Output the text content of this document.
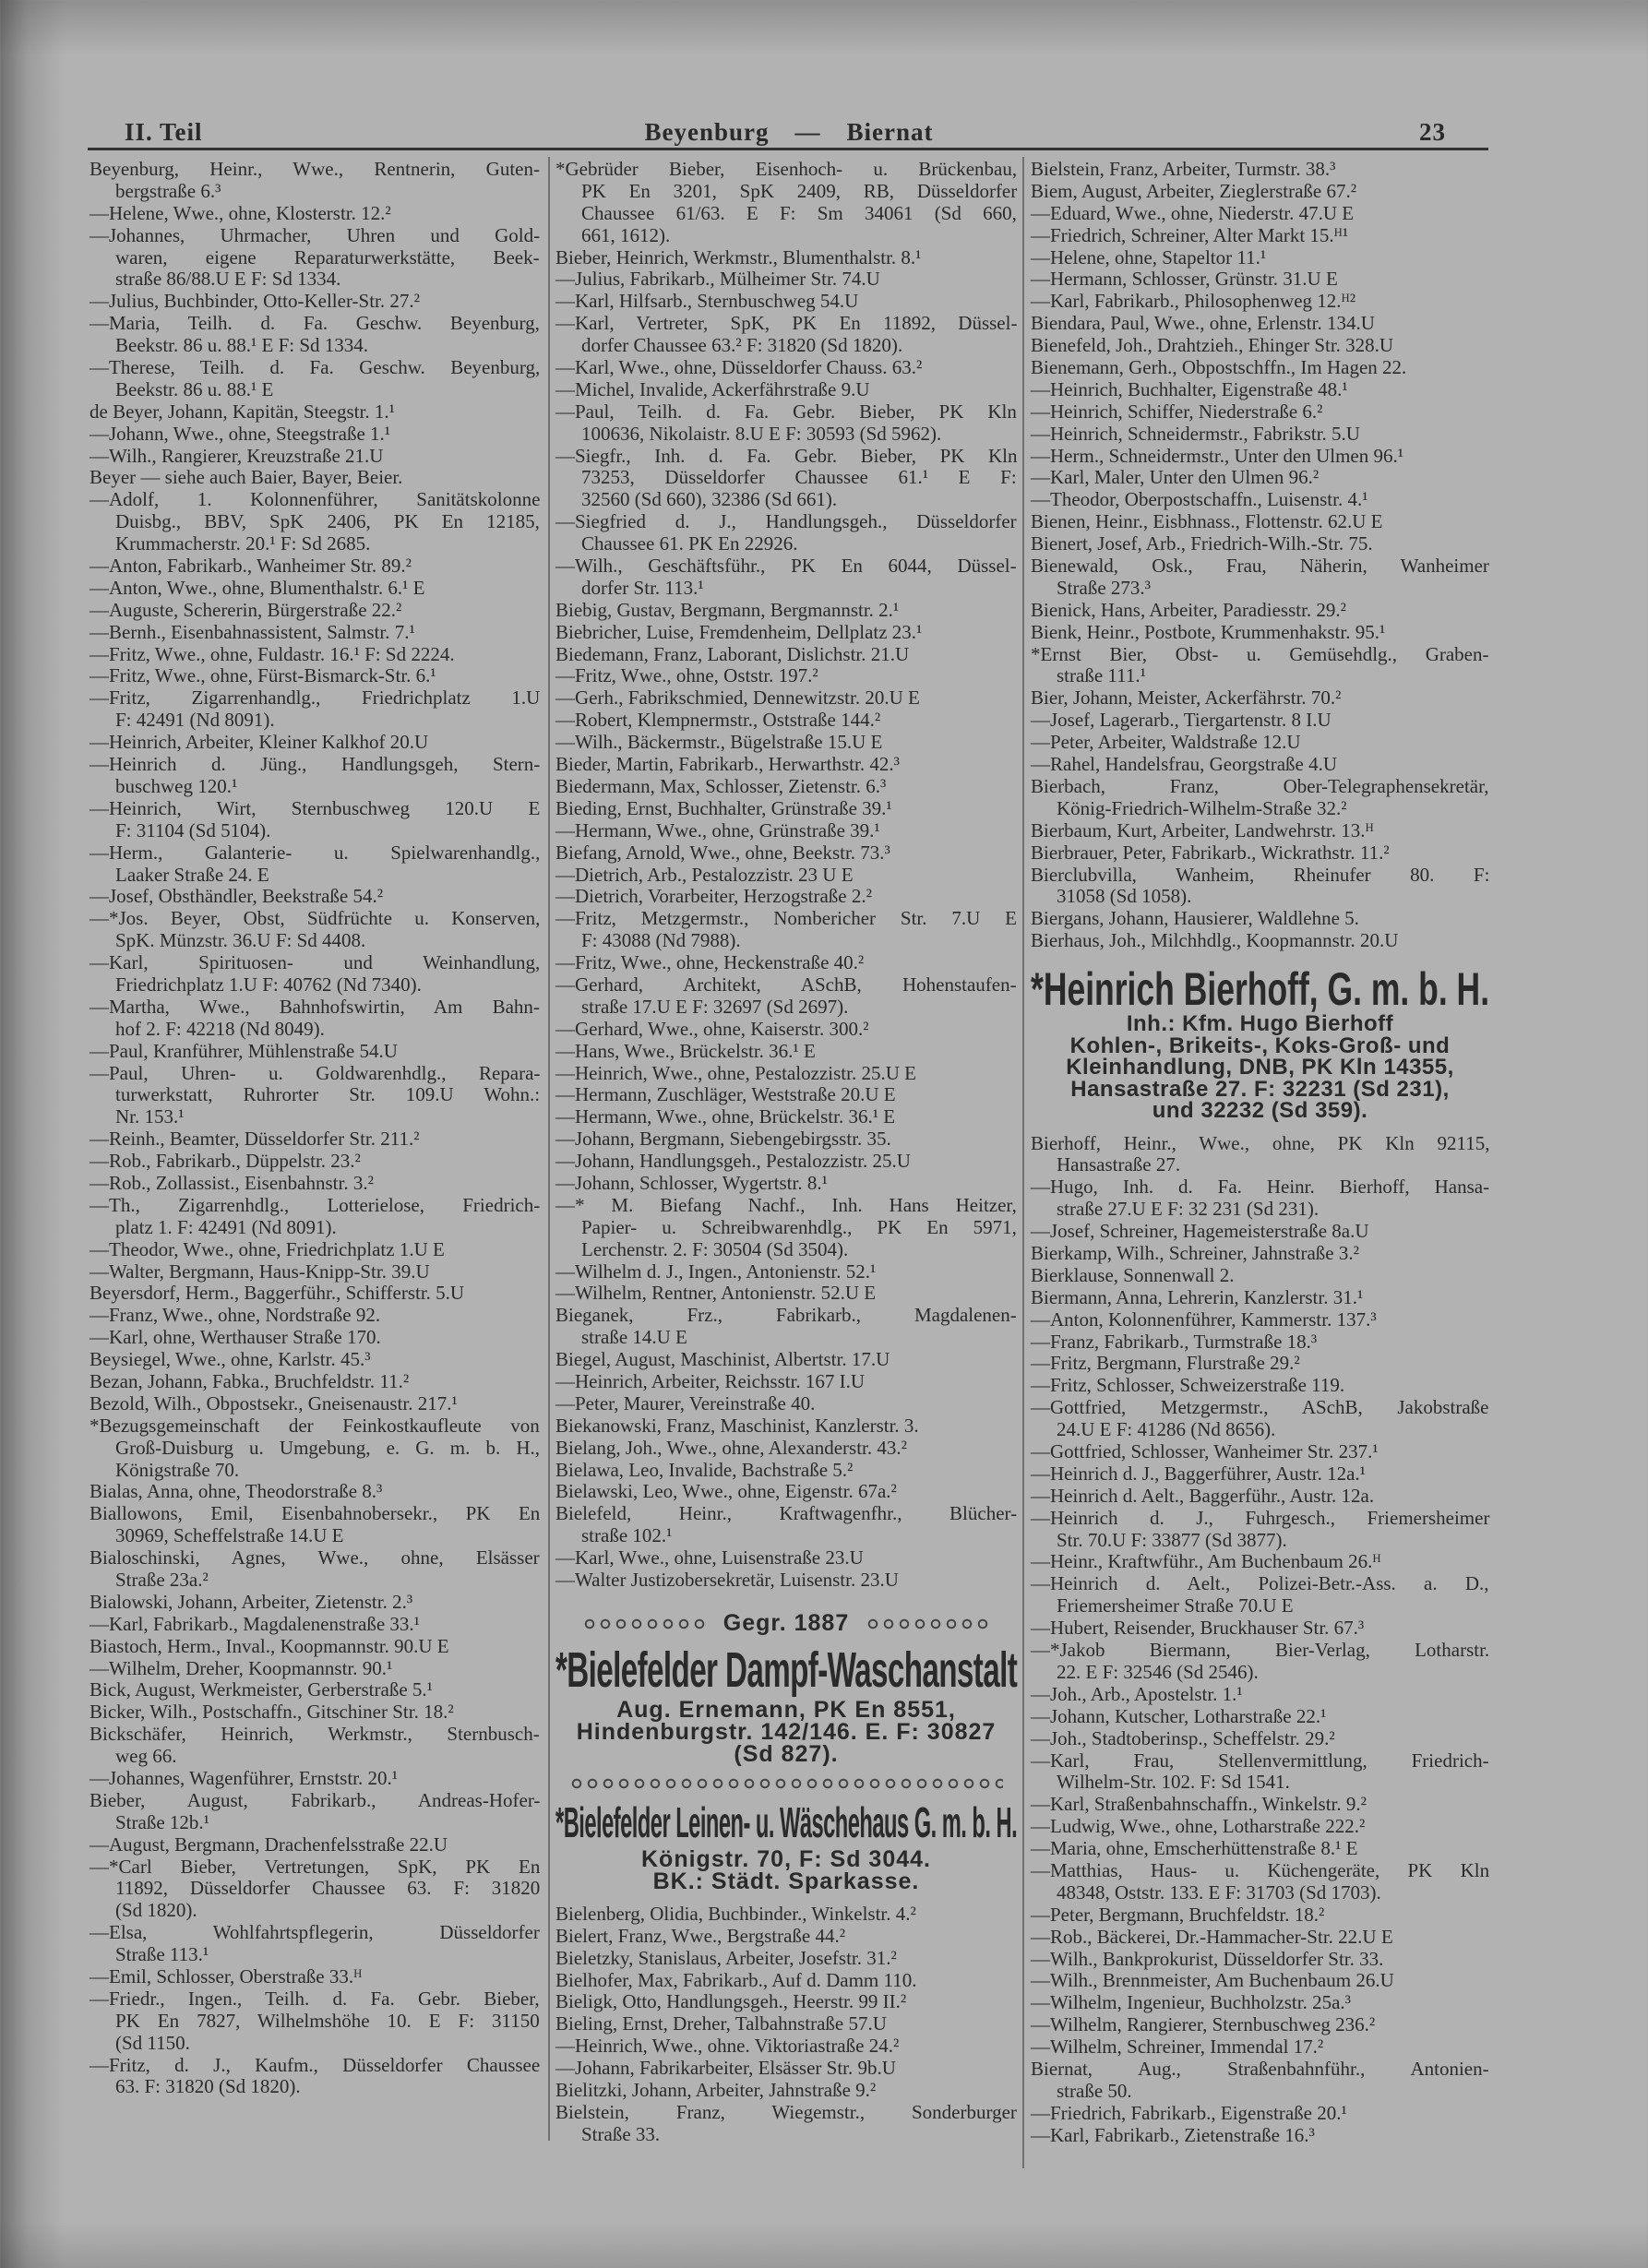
II. Teil	Beyenburg — Biernat	23
Beyenburg, Heinr., Wwe., Rentnerin, Guten-
bergstraße 6.³
—Helene, Wwe., ohne, Klosterstr. 12.²
—Johannes, Uhrmacher, Uhren und Gold-
waren, eigene Reparaturwerkstätte, Beek-
straße 86/88.U E F: Sd 1334.
—Julius, Buchbinder, Otto-Keller-Str. 27.²
—Maria, Teilh. d. Fa. Geschw. Beyenburg,
Beekstr. 86 u. 88.¹ E F: Sd 1334.
—Therese, Teilh. d. Fa. Geschw. Beyenburg,
Beekstr. 86 u. 88.¹ E
de Beyer, Johann, Kapitän, Steegstr. 1.¹
—Johann, Wwe., ohne, Steegstraße 1.¹
—Wilh., Rangierer, Kreuzstraße 21.U
Beyer — siehe auch Baier, Bayer, Beier.
—Adolf, 1. Kolonnenführer, Sanitätskolonne
Duisbg., BBV, SpK 2406, PK En 12185,
Krummacherstr. 20.¹ F: Sd 2685.
—Anton, Fabrikarb., Wanheimer Str. 89.²
—Anton, Wwe., ohne, Blumenthalstr. 6.¹ E
—Auguste, Schererin, Bürgerstraße 22.²
—Bernh., Eisenbahnassistent, Salmstr. 7.¹
—Fritz, Wwe., ohne, Fuldastr. 16.¹ F: Sd 2224.
—Fritz, Wwe., ohne, Fürst-Bismarck-Str. 6.¹
—Fritz, Zigarrenhandlg., Friedrichplatz 1.U
F: 42491 (Nd 8091).
—Heinrich, Arbeiter, Kleiner Kalkhof 20.U
—Heinrich d. Jüng., Handlungsgeh, Stern-
buschweg 120.¹
—Heinrich, Wirt, Sternbuschweg 120.U E
F: 31104 (Sd 5104).
—Herm., Galanterie- u. Spielwarenhandlg.,
Laaker Straße 24. E
—Josef, Obsthändler, Beekstraße 54.²
—*Jos. Beyer, Obst, Südfrüchte u. Konserven,
SpK. Münzstr. 36.U F: Sd 4408.
—Karl, Spirituosen- und Weinhandlung,
Friedrichplatz 1.U F: 40762 (Nd 7340).
—Martha, Wwe., Bahnhofswirtin, Am Bahn-
hof 2. F: 42218 (Nd 8049).
—Paul, Kranführer, Mühlenstraße 54.U
—Paul, Uhren- u. Goldwarenhdlg., Repara-
turwerkstatt, Ruhrorter Str. 109.U Wohn.:
Nr. 153.¹
—Reinh., Beamter, Düsseldorfer Str. 211.²
—Rob., Fabrikarb., Düppelstr. 23.²
—Rob., Zollassist., Eisenbahnstr. 3.²
—Th., Zigarrenhdlg., Lotterielose, Friedrich-
platz 1. F: 42491 (Nd 8091).
—Theodor, Wwe., ohne, Friedrichplatz 1.U E
—Walter, Bergmann, Haus-Knipp-Str. 39.U
Beyersdorf, Herm., Baggerführ., Schifferstr. 5.U
—Franz, Wwe., ohne, Nordstraße 92.
—Karl, ohne, Werthauser Straße 170.
Beysiegel, Wwe., ohne, Karlstr. 45.³
Bezan, Johann, Fabka., Bruchfeldstr. 11.²
Bezold, Wilh., Obpostsekr., Gneisenaustr. 217.¹
*Bezugsgemeinschaft der Feinkostkaufleute von
Groß-Duisburg u. Umgebung, e. G. m. b. H.,
Königstraße 70.
Bialas, Anna, ohne, Theodorstraße 8.³
Biallowons, Emil, Eisenbahnobersekr., PK En
30969, Scheffelstraße 14.U E
Bialoschinski, Agnes, Wwe., ohne, Elsässer
Straße 23a.²
Bialowski, Johann, Arbeiter, Zietenstr. 2.³
—Karl, Fabrikarb., Magdalenenstraße 33.¹
Biastoch, Herm., Inval., Koopmannstr. 90.U E
—Wilhelm, Dreher, Koopmannstr. 90.¹
Bick, August, Werkmeister, Gerberstraße 5.¹
Bicker, Wilh., Postschaffn., Gitschiner Str. 18.²
Bickschäfer, Heinrich, Werkmstr., Sternbusch-
weg 66.
—Johannes, Wagenführer, Ernststr. 20.¹
Bieber, August, Fabrikarb., Andreas-Hofer-
Straße 12b.¹
—August, Bergmann, Drachenfelsstraße 22.U
—*Carl Bieber, Vertretungen, SpK, PK En
11892, Düsseldorfer Chaussee 63. F: 31820
(Sd 1820).
—Elsa, Wohlfahrtspflegerin, Düsseldorfer
Straße 113.¹
—Emil, Schlosser, Oberstraße 33.ᴴ
—Friedr., Ingen., Teilh. d. Fa. Gebr. Bieber,
PK En 7827, Wilhelmshöhe 10. E F: 31150
(Sd 1150.
—Fritz, d. J., Kaufm., Düsseldorfer Chaussee
63. F: 31820 (Sd 1820).
*Gebrüder Bieber, Eisenhoch- u. Brückenbau,
PK En 3201, SpK 2409, RB, Düsseldorfer
Chaussee 61/63. E F: Sm 34061 (Sd 660,
661, 1612).
Bieber, Heinrich, Werkmstr., Blumenthalstr. 8.¹
—Julius, Fabrikarb., Mülheimer Str. 74.U
—Karl, Hilfsarb., Sternbuschweg 54.U
—Karl, Vertreter, SpK, PK En 11892, Düssel-
dorfer Chaussee 63.² F: 31820 (Sd 1820).
—Karl, Wwe., ohne, Düsseldorfer Chauss. 63.²
—Michel, Invalide, Ackerfährstraße 9.U
—Paul, Teilh. d. Fa. Gebr. Bieber, PK Kln
100636, Nikolaistr. 8.U E F: 30593 (Sd 5962).
—Siegfr., Inh. d. Fa. Gebr. Bieber, PK Kln
73253, Düsseldorfer Chaussee 61.¹ E F:
32560 (Sd 660), 32386 (Sd 661).
—Siegfried d. J., Handlungsgeh., Düsseldorfer
Chaussee 61. PK En 22926.
—Wilh., Geschäftsführ., PK En 6044, Düssel-
dorfer Str. 113.¹
Biebig, Gustav, Bergmann, Bergmannstr. 2.¹
Biebricher, Luise, Fremdenheim, Dellplatz 23.¹
Biedemann, Franz, Laborant, Dislichstr. 21.U
—Fritz, Wwe., ohne, Oststr. 197.²
—Gerh., Fabrikschmied, Dennewitzstr. 20.U E
—Robert, Klempnermstr., Oststraße 144.²
—Wilh., Bäckermstr., Bügelstraße 15.U E
Bieder, Martin, Fabrikarb., Herwarthstr. 42.³
Biedermann, Max, Schlosser, Zietenstr. 6.³
Bieding, Ernst, Buchhalter, Grünstraße 39.¹
—Hermann, Wwe., ohne, Grünstraße 39.¹
Biefang, Arnold, Wwe., ohne, Beekstr. 73.³
—Dietrich, Arb., Pestalozzistr. 23 U E
—Dietrich, Vorarbeiter, Herzogstraße 2.²
—Fritz, Metzgermstr., Nombericher Str. 7.U E
F: 43088 (Nd 7988).
—Fritz, Wwe., ohne, Heckenstraße 40.²
—Gerhard, Architekt, ASchB, Hohenstaufen-
straße 17.U E F: 32697 (Sd 2697).
—Gerhard, Wwe., ohne, Kaiserstr. 300.²
—Hans, Wwe., Brückelstr. 36.¹ E
—Heinrich, Wwe., ohne, Pestalozzistr. 25.U E
—Hermann, Zuschläger, Weststraße 20.U E
—Hermann, Wwe., ohne, Brückelstr. 36.¹ E
—Johann, Bergmann, Siebengebirgsstr. 35.
—Johann, Handlungsgeh., Pestalozzistr. 25.U
—Johann, Schlosser, Wygertstr. 8.¹
—* M. Biefang Nachf., Inh. Hans Heitzer,
Papier- u. Schreibwarenhdlg., PK En 5971,
Lerchenstr. 2. F: 30504 (Sd 3504).
—Wilhelm d. J., Ingen., Antonienstr. 52.¹
—Wilhelm, Rentner, Antonienstr. 52.U E
Bieganek, Frz., Fabrikarb., Magdalenen-
straße 14.U E
Biegel, August, Maschinist, Albertstr. 17.U
—Heinrich, Arbeiter, Reichsstr. 167 I.U
—Peter, Maurer, Vereinstraße 40.
Biekanowski, Franz, Maschinist, Kanzlerstr. 3.
Bielang, Joh., Wwe., ohne, Alexanderstr. 43.²
Bielawa, Leo, Invalide, Bachstraße 5.²
Bielawski, Leo, Wwe., ohne, Eigenstr. 67a.²
Bielefeld, Heinr., Kraftwagenfhr., Blücher-
straße 102.¹
—Karl, Wwe., ohne, Luisenstraße 23.U
—Walter Justizobersekretär, Luisenstr. 23.U
Gegr. 1887
*Bielefelder Dampf-Waschanstalt
Aug. Ernemann, PK En 8551,
Hindenburgstr. 142/146. E. F: 30827
(Sd 827).
*Bielefelder Leinen- u. Wäschehaus G. m. b. H.
Königstr. 70, F: Sd 3044.
BK.: Städt. Sparkasse.
Bielenberg, Olidia, Buchbinder., Winkelstr. 4.²
Bielert, Franz, Wwe., Bergstraße 44.²
Bieletzky, Stanislaus, Arbeiter, Josefstr. 31.²
Bielhofer, Max, Fabrikarb., Auf d. Damm 110.
Bieligk, Otto, Handlungsgeh., Heerstr. 99 II.²
Bieling, Ernst, Dreher, Talbahnstraße 57.U
—Heinrich, Wwe., ohne. Viktoriastraße 24.²
—Johann, Fabrikarbeiter, Elsässer Str. 9b.U
Bielitzki, Johann, Arbeiter, Jahnstraße 9.²
Bielstein, Franz, Wiegemstr., Sonderburger
Straße 33.
Bielstein, Franz, Arbeiter, Turmstr. 38.³
Biem, August, Arbeiter, Zieglerstraße 67.²
—Eduard, Wwe., ohne, Niederstr. 47.U E
—Friedrich, Schreiner, Alter Markt 15.ᴴ¹
—Helene, ohne, Stapeltor 11.¹
—Hermann, Schlosser, Grünstr. 31.U E
—Karl, Fabrikarb., Philosophenweg 12.ᴴ²
Biendara, Paul, Wwe., ohne, Erlenstr. 134.U
Bienefeld, Joh., Drahtzieh., Ehinger Str. 328.U
Bienemann, Gerh., Obpostschffn., Im Hagen 22.
—Heinrich, Buchhalter, Eigenstraße 48.¹
—Heinrich, Schiffer, Niederstraße 6.²
—Heinrich, Schneidermstr., Fabrikstr. 5.U
—Herm., Schneidermstr., Unter den Ulmen 96.¹
—Karl, Maler, Unter den Ulmen 96.²
—Theodor, Oberpostschaffn., Luisenstr. 4.¹
Bienen, Heinr., Eisbhnass., Flottenstr. 62.U E
Bienert, Josef, Arb., Friedrich-Wilh.-Str. 75.
Bienewald, Osk., Frau, Näherin, Wanheimer
Straße 273.³
Bienick, Hans, Arbeiter, Paradiesstr. 29.²
Bienk, Heinr., Postbote, Krummenhakstr. 95.¹
*Ernst Bier, Obst- u. Gemüsehdlg., Graben-
straße 111.¹
Bier, Johann, Meister, Ackerfährstr. 70.²
—Josef, Lagerarb., Tiergartenstr. 8 I.U
—Peter, Arbeiter, Waldstraße 12.U
—Rahel, Handelsfrau, Georgstraße 4.U
Bierbach, Franz, Ober-Telegraphensekretär,
König-Friedrich-Wilhelm-Straße 32.²
Bierbaum, Kurt, Arbeiter, Landwehrstr. 13.ᴴ
Bierbrauer, Peter, Fabrikarb., Wickrathstr. 11.²
Bierclubvilla, Wanheim, Rheinufer 80. F:
31058 (Sd 1058).
Biergans, Johann, Hausierer, Waldlehne 5.
Bierhaus, Joh., Milchhdlg., Koopmannstr. 20.U
*Heinrich Bierhoff, G. m. b. H.
Inh.: Kfm. Hugo Bierhoff
Kohlen-, Brikeits-, Koks-Groß- und
Kleinhandlung, DNB, PK Kln 14355,
Hansastraße 27. F: 32231 (Sd 231),
und 32232 (Sd 359).
Bierhoff, Heinr., Wwe., ohne, PK Kln 92115,
Hansastraße 27.
—Hugo, Inh. d. Fa. Heinr. Bierhoff, Hansa-
straße 27.U E F: 32 231 (Sd 231).
—Josef, Schreiner, Hagemeisterstraße 8a.U
Bierkamp, Wilh., Schreiner, Jahnstraße 3.²
Bierklause, Sonnenwall 2.
Biermann, Anna, Lehrerin, Kanzlerstr. 31.¹
—Anton, Kolonnenführer, Kammerstr. 137.³
—Franz, Fabrikarb., Turmstraße 18.³
—Fritz, Bergmann, Flurstraße 29.²
—Fritz, Schlosser, Schweizerstraße 119.
—Gottfried, Metzgermstr., ASchB, Jakobstraße
24.U E F: 41286 (Nd 8656).
—Gottfried, Schlosser, Wanheimer Str. 237.¹
—Heinrich d. J., Baggerführer, Austr. 12a.¹
—Heinrich d. Aelt., Baggerführ., Austr. 12a.
—Heinrich d. J., Fuhrgesch., Friemersheimer
Str. 70.U F: 33877 (Sd 3877).
—Heinr., Kraftwführ., Am Buchenbaum 26.ᴴ
—Heinrich d. Aelt., Polizei-Betr.-Ass. a. D.,
Friemersheimer Straße 70.U E
—Hubert, Reisender, Bruckhauser Str. 67.³
—*Jakob Biermann, Bier-Verlag, Lotharstr.
22. E F: 32546 (Sd 2546).
—Joh., Arb., Apostelstr. 1.¹
—Johann, Kutscher, Lotharstraße 22.¹
—Joh., Stadtoberinsp., Scheffelstr. 29.²
—Karl, Frau, Stellenvermittlung, Friedrich-
Wilhelm-Str. 102. F: Sd 1541.
—Karl, Straßenbahnschaffn., Winkelstr. 9.²
—Ludwig, Wwe., ohne, Lotharstraße 222.²
—Maria, ohne, Emscherhüttenstraße 8.¹ E
—Matthias, Haus- u. Küchengeräte, PK Kln
48348, Oststr. 133. E F: 31703 (Sd 1703).
—Peter, Bergmann, Bruchfeldstr. 18.²
—Rob., Bäckerei, Dr.-Hammacher-Str. 22.U E
—Wilh., Bankprokurist, Düsseldorfer Str. 33.
—Wilh., Brennmeister, Am Buchenbaum 26.U
—Wilhelm, Ingenieur, Buchholzstr. 25a.³
—Wilhelm, Rangierer, Sternbuschweg 236.²
—Wilhelm, Schreiner, Immendal 17.²
Biernat, Aug., Straßenbahnführ., Antonien-
straße 50.
—Friedrich, Fabrikarb., Eigenstraße 20.¹
—Karl, Fabrikarb., Zietenstraße 16.³
